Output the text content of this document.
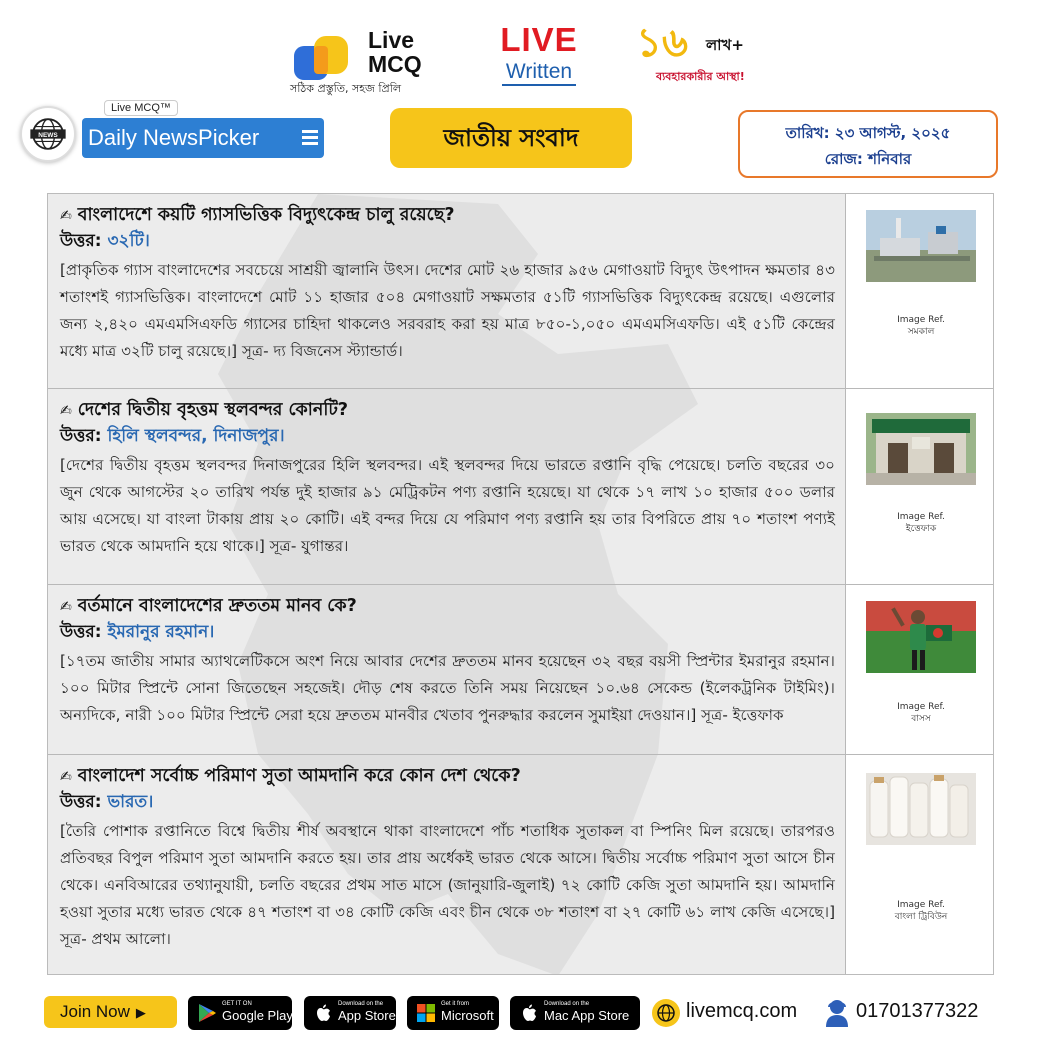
Live
MCQ
সঠিক প্রস্তুতি, সহজ প্রিলি
LIVE
Written
১৬ লাখ+
ব্যবহারকারীর আস্থা!
NEWS
Live MCQ™
Daily NewsPicker	জাতীয় সংবাদ	তারিখ: ২৩ আগস্ট, ২০২৫
রোজ: শনিবার
✍ বাংলাদেশে কয়টি গ্যাসভিত্তিক বিদ্যুৎকেন্দ্র চালু রয়েছে?
উত্তর: ৩২টি।
[প্রাকৃতিক গ্যাস বাংলাদেশের সবচেয়ে সাশ্রয়ী জ্বালানি উৎস। দেশের মোট ২৬ হাজার ৯৫৬ মেগাওয়াট বিদ্যুৎ উৎপাদন ক্ষমতার ৪৩ শতাংশই গ্যাসভিত্তিক। বাংলাদেশে মোট ১১ হাজার ৫০৪ মেগাওয়াট সক্ষমতার ৫১টি গ্যাসভিত্তিক বিদ্যুৎকেন্দ্র রয়েছে। এগুলোর জন্য ২,৪২০ এমএমসিএফডি গ্যাসের চাহিদা থাকলেও সরবরাহ করা হয় মাত্র ৮৫০-১,০৫০ এমএমসিএফডি। এই ৫১টি কেন্দ্রের মধ্যে মাত্র ৩২টি চালু রয়েছে।] সূত্র- দ্য বিজনেস স্ট্যান্ডার্ড।
Image Ref.
সমকাল
✍ দেশের দ্বিতীয় বৃহত্তম স্থলবন্দর কোনটি?
উত্তর: হিলি স্থলবন্দর, দিনাজপুর।
[দেশের দ্বিতীয় বৃহত্তম স্থলবন্দর দিনাজপুরের হিলি স্থলবন্দর। এই স্থলবন্দর দিয়ে ভারতে রপ্তানি বৃদ্ধি পেয়েছে। চলতি বছরের ৩০ জুন থেকে আগস্টের ২০ তারিখ পর্যন্ত দুই হাজার ৯১ মেট্রিকটন পণ্য রপ্তানি হয়েছে। যা থেকে ১৭ লাখ ১০ হাজার ৫০০ ডলার আয় এসেছে। যা বাংলা টাকায় প্রায় ২০ কোটি। এই বন্দর দিয়ে যে পরিমাণ পণ্য রপ্তানি হয় তার বিপরিতে প্রায় ৭০ শতাংশ পণ্যই ভারত থেকে আমদানি হয়ে থাকে।] সূত্র- যুগান্তর।
Image Ref.
ইত্তেফাক
✍ বর্তমানে বাংলাদেশের দ্রুততম মানব কে?
উত্তর: ইমরানুর রহমান।
[১৭তম জাতীয় সামার অ্যাথলেটিকসে অংশ নিয়ে আবার দেশের দ্রুততম মানব হয়েছেন ৩২ বছর বয়সী স্প্রিন্টার ইমরানুর রহমান। ১০০ মিটার স্প্রিন্টে সোনা জিতেছেন সহজেই। দৌড় শেষ করতে তিনি সময় নিয়েছেন ১০.৬৪ সেকেন্ড (ইলেকট্রনিক টাইমিং)। অন্যদিকে, নারী ১০০ মিটার স্প্রিন্টে সেরা হয়ে দ্রুততম মানবীর খেতাব পুনরুদ্ধার করলেন সুমাইয়া দেওয়ান।] সূত্র- ইত্তেফাক	Image Ref.
বাসস
✍ বাংলাদেশ সর্বোচ্চ পরিমাণ সুতা আমদানি করে কোন দেশ থেকে?
উত্তর: ভারত।
[তৈরি পোশাক রপ্তানিতে বিশ্বে দ্বিতীয় শীর্ষ অবস্থানে থাকা বাংলাদেশে পাঁচ শতাধিক সুতাকল বা স্পিনিং মিল রয়েছে। তারপরও প্রতিবছর বিপুল পরিমাণ সুতা আমদানি করতে হয়। তার প্রায় অর্ধেকই ভারত থেকে আসে। দ্বিতীয় সর্বোচ্চ পরিমাণ সুতা আসে চীন থেকে। এনবিআরের তথ্যানুযায়ী, চলতি বছরের প্রথম সাত মাসে (জানুয়ারি-জুলাই) ৭২ কোটি কেজি সুতা আমদানি হয়। আমদানি হওয়া সুতার মধ্যে ভারত থেকে ৪৭ শতাংশ বা ৩৪ কোটি কেজি এবং চীন থেকে ৩৮ শতাংশ বা ২৭ কোটি ৬১ লাখ কেজি এসেছে।] সূত্র- প্রথম আলো।
Image Ref.
বাংলা ট্রিবিউন
Join Now ▶
GET IT ON
Google Play
Download on the
App Store
Get it from
Microsoft
Download on the
Mac App Store	livemcq.com	01701377322
